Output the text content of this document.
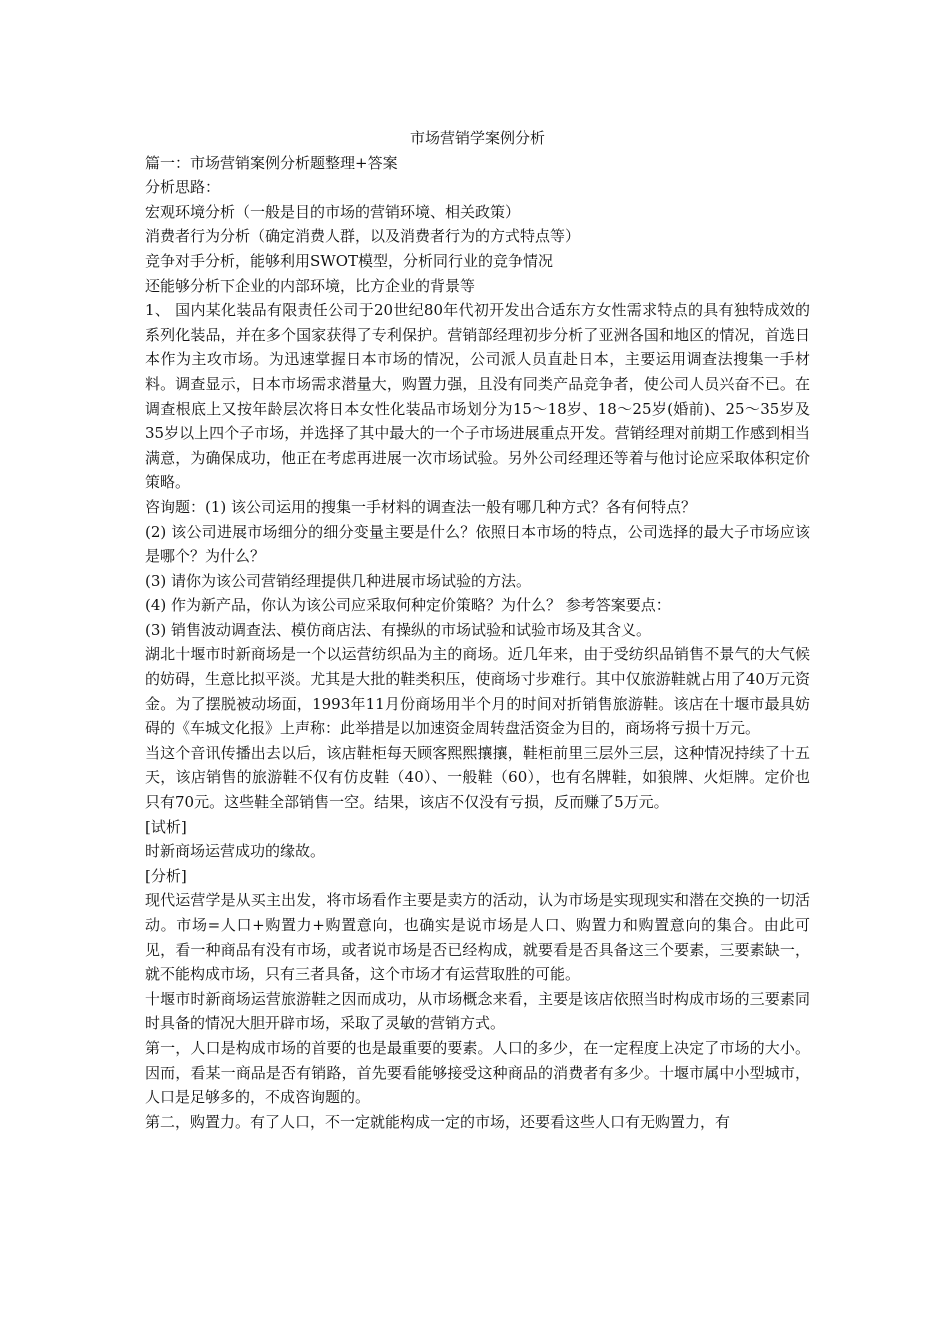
市场营销学案例分析

篇一：市场营销案例分析题整理+答案

分析思路：

宏观环境分析（一般是目的市场的营销环境、相关政策）

消费者行为分析（确定消费人群，以及消费者行为的方式特点等）

竞争对手分析，能够利用SWOT模型，分析同行业的竞争情况

还能够分析下企业的内部环境，比方企业的背景等

1、 国内某化装品有限责任公司于20世纪80年代初开发出合适东方女性需求特点的具有独特成效的系列化装品，并在多个国家获得了专利保护。营销部经理初步分析了亚洲各国和地区的情况，首选日本作为主攻市场。为迅速掌握日本市场的情况，公司派人员直赴日本，主要运用调查法搜集一手材料。调查显示，日本市场需求潜量大，购置力强，且没有同类产品竞争者，使公司人员兴奋不已。在调查根底上又按年龄层次将日本女性化装品市场划分为15～18岁、18～25岁(婚前)、25～35岁及35岁以上四个子市场，并选择了其中最大的一个子市场进展重点开发。营销经理对前期工作感到相当满意，为确保成功，他正在考虑再进展一次市场试验。另外公司经理还等着与他讨论应采取体积定价策略。

咨询题：(1) 该公司运用的搜集一手材料的调查法一般有哪几种方式？各有何特点？

(2) 该公司进展市场细分的细分变量主要是什么？依照日本市场的特点，公司选择的最大子市场应该是哪个？为什么？

(3) 请你为该公司营销经理提供几种进展市场试验的方法。

(4) 作为新产品，你认为该公司应采取何种定价策略？为什么？ 参考答案要点：

(3) 销售波动调查法、模仿商店法、有操纵的市场试验和试验市场及其含义。

湖北十堰市时新商场是一个以运营纺织品为主的商场。近几年来，由于受纺织品销售不景气的大气候的妨碍，生意比拟平淡。尤其是大批的鞋类积压，使商场寸步难行。其中仅旅游鞋就占用了40万元资金。为了摆脱被动场面，1993年11月份商场用半个月的时间对折销售旅游鞋。该店在十堰市最具妨碍的《车城文化报》上声称：此举措是以加速资金周转盘活资金为目的，商场将亏损十万元。

当这个音讯传播出去以后，该店鞋柜每天顾客熙熙攘攘，鞋柜前里三层外三层，这种情况持续了十五天，该店销售的旅游鞋不仅有仿皮鞋（40）、一般鞋（60），也有名牌鞋，如狼牌、火炬牌。定价也只有70元。这些鞋全部销售一空。结果，该店不仅没有亏损，反而赚了5万元。

[试析]

时新商场运营成功的缘故。

[分析]

现代运营学是从买主出发，将市场看作主要是卖方的活动，认为市场是实现现实和潜在交换的一切活动。市场=人口+购置力+购置意向，也确实是说市场是人口、购置力和购置意向的集合。由此可见，看一种商品有没有市场，或者说市场是否已经构成，就要看是否具备这三个要素，三要素缺一，就不能构成市场，只有三者具备，这个市场才有运营取胜的可能。

十堰市时新商场运营旅游鞋之因而成功，从市场概念来看，主要是该店依照当时构成市场的三要素同时具备的情况大胆开辟市场，采取了灵敏的营销方式。

第一，人口是构成市场的首要的也是最重要的要素。人口的多少，在一定程度上决定了市场的大小。因而，看某一商品是否有销路，首先要看能够接受这种商品的消费者有多少。十堰市属中小型城市，人口是足够多的，不成咨询题的。

第二，购置力。有了人口，不一定就能构成一定的市场，还要看这些人口有无购置力，有
